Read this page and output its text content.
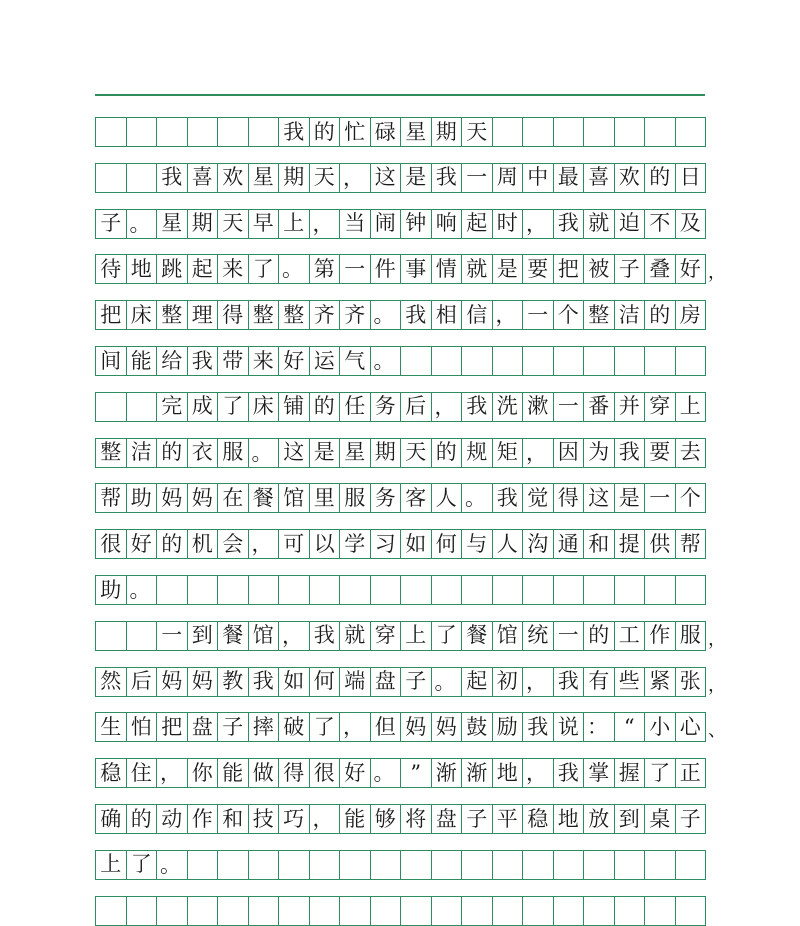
我 的 忙 碌 星 期 天
我 喜 欢 星 期 天 ， 这 是 我 一 周 中 最 喜 欢 的 日
子 。 星 期 天 早 上 ， 当 闹 钟 响 起 时 ， 我 就 迫 不 及
待 地 跳 起 来 了 。 第 一 件 事 情 就 是 要 把 被 子 叠 好
把 床 整 理 得 整 整 齐 齐 。 我 相 信 ， 一 个 整 洁 的 房
间 能 给 我 带 来 好 运 气 。
完 成 了 床 铺 的 任 务 后 ， 我 洗 漱 一 番 并 穿 上
整 洁 的 衣 服 。 这 是 星 期 天 的 规 矩 ， 因 为 我 要 去
帮 助 妈 妈 在 餐 馆 里 服 务 客 人 。 我 觉 得 这 是 一 个
很 好 的 机 会 ， 可 以 学 习 如 何 与 人 沟 通 和 提 供 帮
助 。
一 到 餐 馆 ， 我 就 穿 上 了 餐 馆 统 一 的 工 作 服
然 后 妈 妈 教 我 如 何 端 盘 子 。 起 初 ， 我 有 些 紧 张
生 怕 把 盘 子 摔 破 了 ， 但 妈 妈 鼓 励 我 说 ： “ 小 心
稳 住 ， 你 能 做 得 很 好 。 ” 渐 渐 地 ， 我 掌 握 了 正
确 的 动 作 和 技 巧 ， 能 够 将 盘 子 平 稳 地 放 到 桌 子
上 了 。
，
，
，
、
